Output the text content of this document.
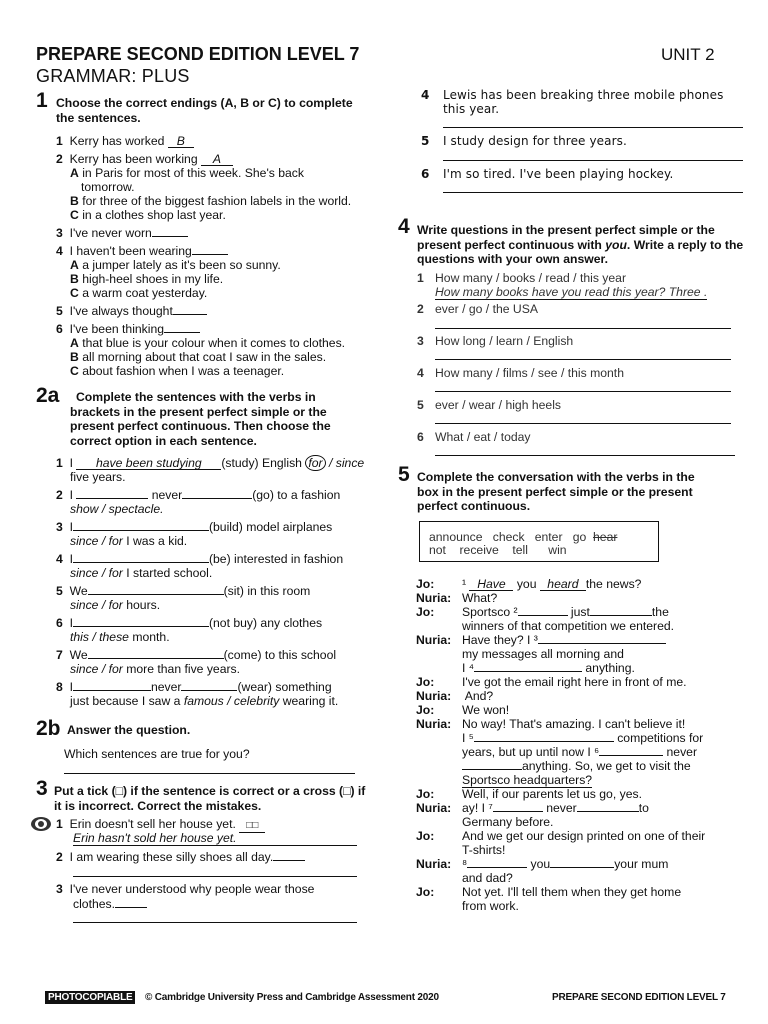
PREPARE SECOND EDITION LEVEL 7	UNIT 2
GRAMMAR: PLUS
1 Choose the correct endings (A, B or C) to complete
the sentences.
1 Kerry has worked B
2 Kerry has been working A
A in Paris for most of this week. She's back
tomorrow.
B for three of the biggest fashion labels in the world.
C in a clothes shop last year.
3 I've never worn
4 I haven't been wearing
A a jumper lately as it's been so sunny.
B high-heel shoes in my life.
C a warm coat yesterday.
5 I've always thought
6 I've been thinking
A that blue is your colour when it comes to clothes.
B all morning about that coat I saw in the sales.
C about fashion when I was a teenager.
2a Complete the sentences with the verbs in
brackets in the present perfect simple or the
present perfect continuous. Then choose the
correct option in each sentence.
1 I have been studying (study) English for / since
five years.
2 I	never	(go) to a fashion
show / spectacle.
3 I	(build) model airplanes
since / for I was a kid.
4 I	(be) interested in fashion
since / for I started school.
5 We	(sit) in this room
since / for hours.
6 I	(not buy) any clothes
this / these month.
7 We	(come) to this school
since / for more than five years.
8 I	never	(wear) something
just because I saw a famous / celebrity wearing it.
2b Answer the question.
Which sentences are true for you?
3 Put a tick (□) if the sentence is correct or a cross (□) if
it is incorrect. Correct the mistakes.
1 Erin doesn't sell her house yet. □□
Erin hasn't sold her house yet.
2 I am wearing these silly shoes all day.
3 I've never understood why people wear those
clothes.
4 Lewis has been breaking three mobile phones
this year.
5 I study design for three years.
6 I'm so tired. I've been playing hockey.
4 Write questions in the present perfect simple or the
present perfect continuous with you. Write a reply to the
questions with your own answer.
1 How many / books / read / this year
How many books have you read this year? Three .
2 ever / go / the USA
3 How long / learn / English
4 How many / films / see / this month
5 ever / wear / high heels
6 What / eat / today
5 Complete the conversation with the verbs in the
box in the present perfect simple or the present
perfect continuous.
announce check enter go hear
not receive tell win
Jo: ¹ Have you heard the news?
Nuria: What?
Jo: Sportsco ²	just	the
winners of that competition we entered.
Nuria: Have they? I ³
my messages all morning and
I ⁴	anything.
Jo: I've got the email right here in front of me.
Nuria: And?
Jo: We won!
Nuria: No way! That's amazing. I can't believe it!
I ⁵	competitions for
years, but up until now I ⁶	never
anything. So, we get to visit the
Sportsco headquarters?
Jo: Well, if our parents let us go, yes.
Nuria: ay! I ⁷	never	to
Germany before.
Jo: And we get our design printed on one of their
T-shirts!
Nuria: ⁸	you	your mum
and dad?
Jo: Not yet. I'll tell them when they get home
from work.
PHOTOCOPIABLE	© Cambridge University Press and Cambridge Assessment 2020	PREPARE SECOND EDITION LEVEL 7
